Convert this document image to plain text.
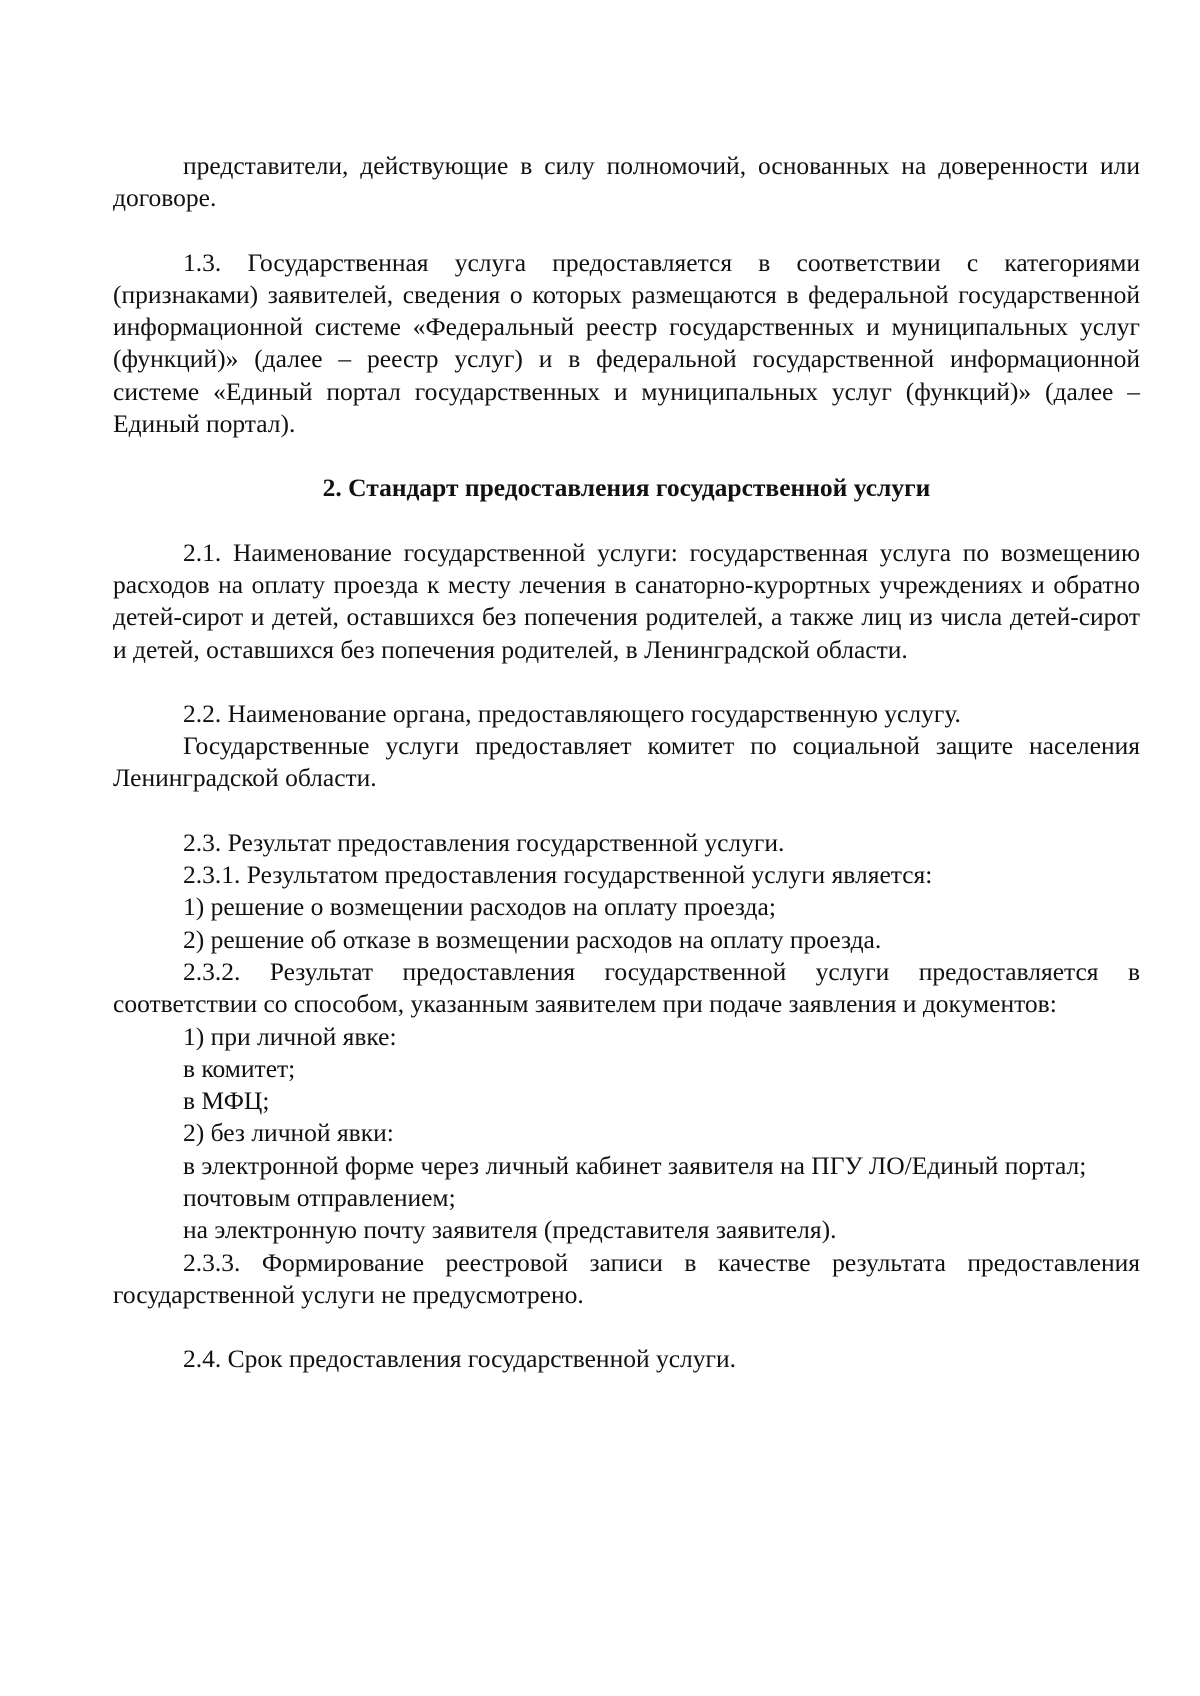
представители, действующие в силу полномочий, основанных на доверенности или договоре.

1.3. Государственная услуга предоставляется в соответствии с категориями (признаками) заявителей, сведения о которых размещаются в федеральной государственной информационной системе «Федеральный реестр государственных и муниципальных услуг (функций)» (далее – реестр услуг) и в федеральной государственной информационной системе «Единый портал государственных и муниципальных услуг (функций)» (далее – Единый портал).

2. Стандарт предоставления государственной услуги

2.1. Наименование государственной услуги: государственная услуга по возмещению расходов на оплату проезда к месту лечения в санаторно-курортных учреждениях и обратно детей-сирот и детей, оставшихся без попечения родителей, а также лиц из числа детей-сирот и детей, оставшихся без попечения родителей, в Ленинградской области.

2.2. Наименование органа, предоставляющего государственную услугу.

Государственные услуги предоставляет комитет по социальной защите населения Ленинградской области.

2.3. Результат предоставления государственной услуги.

2.3.1. Результатом предоставления государственной услуги является:

1) решение о возмещении расходов на оплату проезда;

2) решение об отказе в возмещении расходов на оплату проезда.

2.3.2. Результат предоставления государственной услуги предоставляется в соответствии со способом, указанным заявителем при подаче заявления и документов:

1) при личной явке:

в комитет;

в МФЦ;

2) без личной явки:

в электронной форме через личный кабинет заявителя на ПГУ ЛО/Единый портал;

почтовым отправлением;

на электронную почту заявителя (представителя заявителя).

2.3.3. Формирование реестровой записи в качестве результата предоставления государственной услуги не предусмотрено.

2.4. Срок предоставления государственной услуги.
